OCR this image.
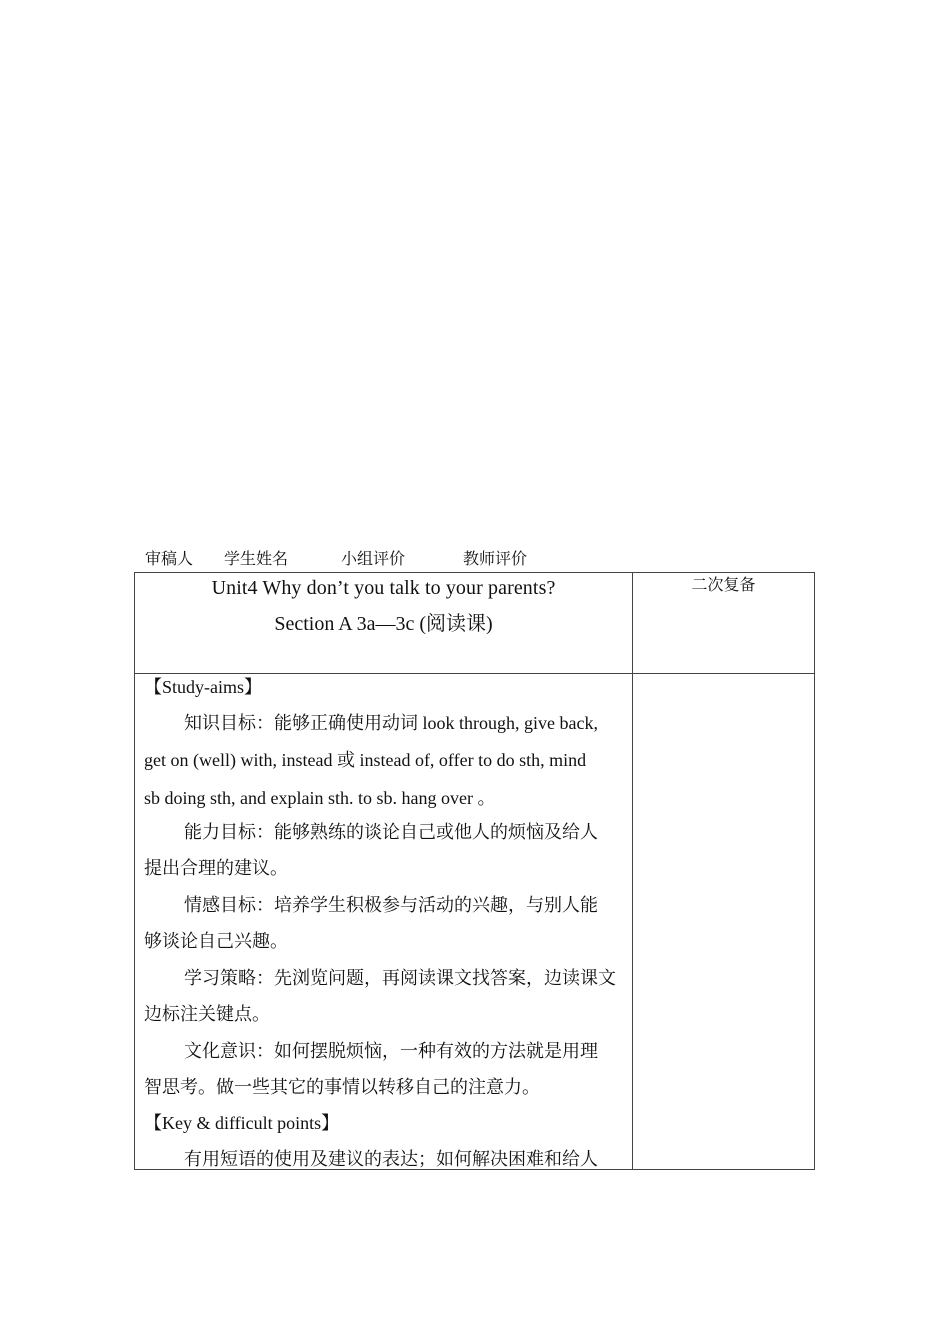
审稿人 学生姓名	小组评价	教师评价
Unit4 Why don’t you talk to your parents?
Section A 3a—3c (阅读课)
二次复备
【Study-aims】
知识目标：能够正确使用动词 look through, give back,
get on (well) with, instead 或 instead of, offer to do sth, mind
sb doing sth, and explain sth. to sb. hang over 。
能力目标：能够熟练的谈论自己或他人的烦恼及给人
提出合理的建议。
情感目标：培养学生积极参与活动的兴趣，与别人能
够谈论自己兴趣。
学习策略：先浏览问题，再阅读课文找答案，边读课文
边标注关键点。
文化意识：如何摆脱烦恼，一种有效的方法就是用理
智思考。做一些其它的事情以转移自己的注意力。
【Key & difficult points】
有用短语的使用及建议的表达；如何解决困难和给人
